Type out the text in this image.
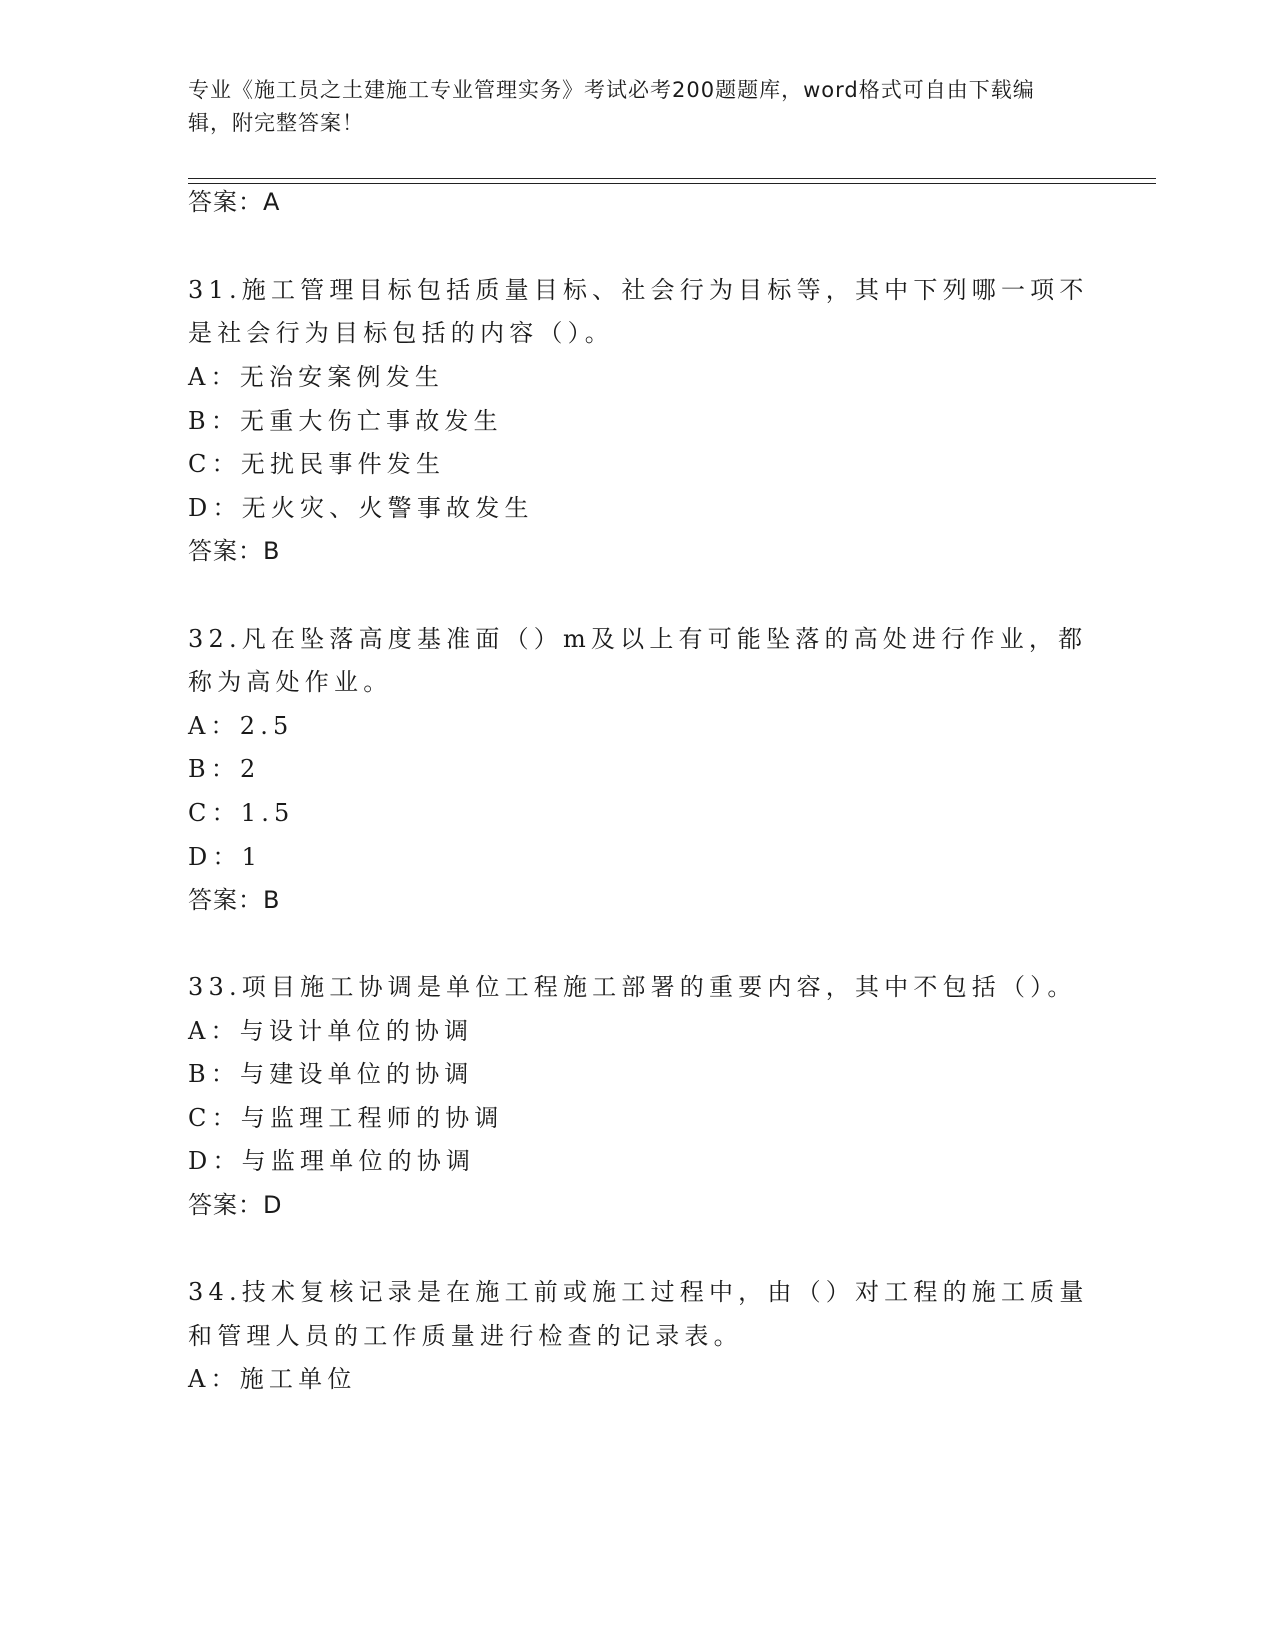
专业《施工员之土建施工专业管理实务》考试必考200题题库，word格式可自由下载编辑，附完整答案！
答案：A
31.施工管理目标包括质量目标、社会行为目标等，其中下列哪一项不
是社会行为目标包括的内容（）。
A：无治安案例发生
B：无重大伤亡事故发生
C：无扰民事件发生
D：无火灾、火警事故发生
答案：B
32.凡在坠落高度基准面（）m及以上有可能坠落的高处进行作业，都
称为高处作业。
A：2.5
B：2
C：1.5
D：1
答案：B
33.项目施工协调是单位工程施工部署的重要内容，其中不包括（）。
A：与设计单位的协调
B：与建设单位的协调
C：与监理工程师的协调
D：与监理单位的协调
答案：D
34.技术复核记录是在施工前或施工过程中，由（）对工程的施工质量
和管理人员的工作质量进行检查的记录表。
A：施工单位
